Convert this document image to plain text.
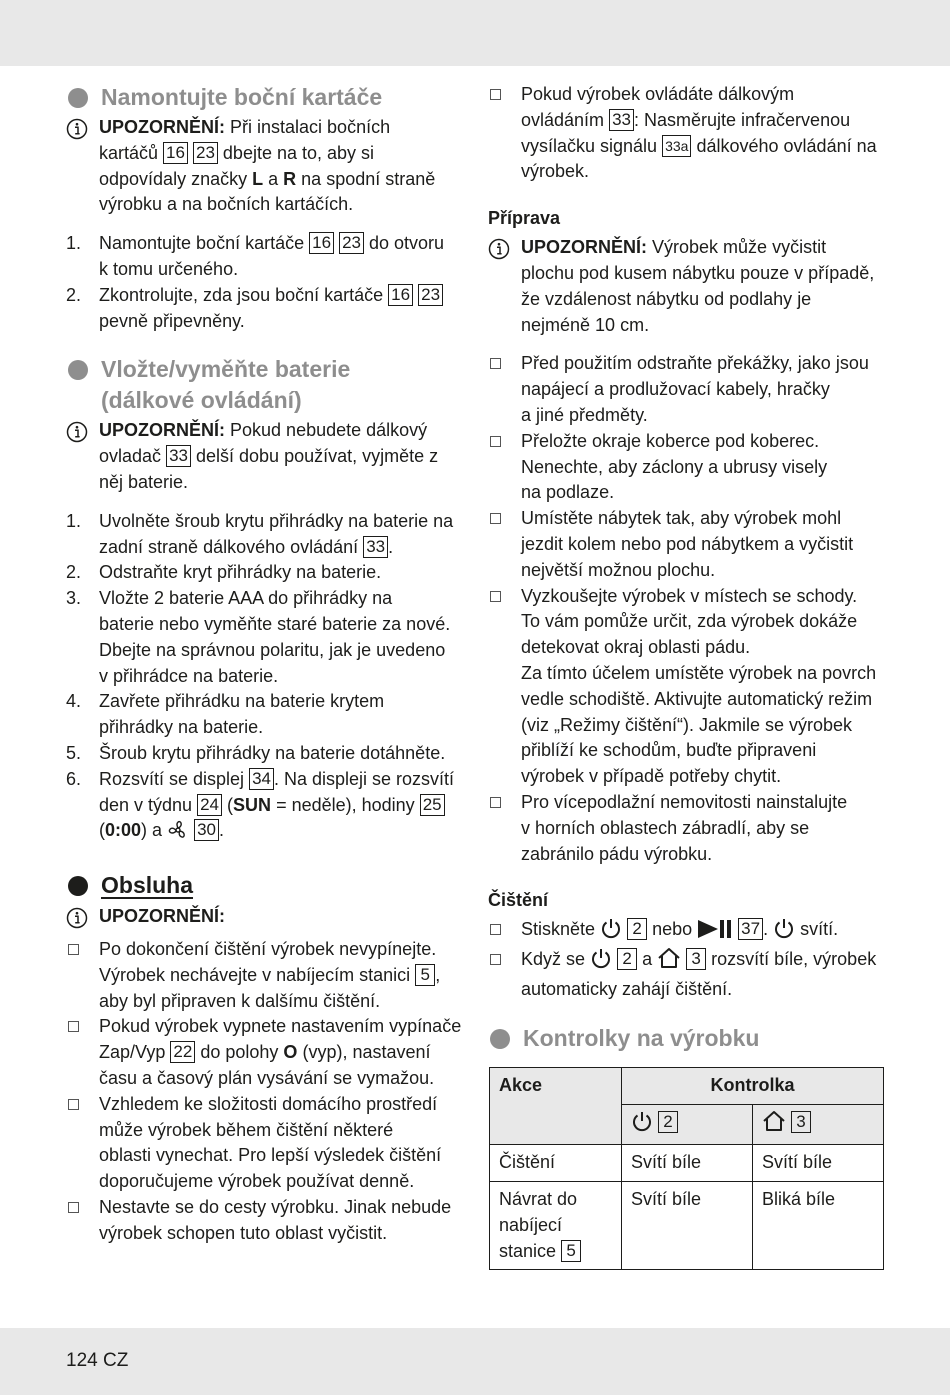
Namontujte boční kartáče
UPOZORNĚNÍ: Při instalaci bočních
kartáčů 16 23 dbejte na to, aby si
odpovídaly značky L a R na spodní straně
výrobku a na bočních kartáčích.
1. Namontujte boční kartáče 16 23 do otvoru
k tomu určeného.
2. Zkontrolujte, zda jsou boční kartáče 16 23
pevně připevněny.
Vložte/vyměňte baterie
(dálkové ovládání)
UPOZORNĚNÍ: Pokud nebudete dálkový
ovladač 33 delší dobu používat, vyjměte z
něj baterie.
1. Uvolněte šroub krytu přihrádky na baterie na
zadní straně dálkového ovládání 33 .
2. Odstraňte kryt přihrádky na baterie.
3. Vložte 2 baterie AAA do přihrádky na
baterie nebo vyměňte staré baterie za nové.
Dbejte na správnou polaritu, jak je uvedeno
v přihrádce na baterie.
4. Zavřete přihrádku na baterie krytem
přihrádky na baterie.
5. Šroub krytu přihrádky na baterie dotáhněte.
6. Rozsvítí se displej 34 . Na displeji se rozsvítí
den v týdnu 24 (SUN = neděle), hodiny 25
(0:00) a 30 .
Obsluha
UPOZORNĚNÍ:
Po dokončení čištění výrobek nevypínejte.
Výrobek nechávejte v nabíjecím stanici 5 ,
aby byl připraven k dalšímu čištění.
Pokud výrobek vypnete nastavením vypínače
Zap/Vyp 22 do polohy O (vyp), nastavení
času a časový plán vysávání se vymažou.
Vzhledem ke složitosti domácího prostředí
může výrobek během čištění některé
oblasti vynechat. Pro lepší výsledek čištění
doporučujeme výrobek používat denně.
Nestavte se do cesty výrobku. Jinak nebude
výrobek schopen tuto oblast vyčistit.
Pokud výrobek ovládáte dálkovým
ovládáním 33 : Nasměrujte infračervenou
vysílačku signálu 33a dálkového ovládání na
výrobek.
Příprava
UPOZORNĚNÍ: Výrobek může vyčistit
plochu pod kusem nábytku pouze v případě,
že vzdálenost nábytku od podlahy je
nejméně 10 cm.
Před použitím odstraňte překážky, jako jsou
napájecí a prodlužovací kabely, hračky
a jiné předměty.
Přeložte okraje koberce pod koberec.
Nenechte, aby záclony a ubrusy visely
na podlaze.
Umístěte nábytek tak, aby výrobek mohl
jezdit kolem nebo pod nábytkem a vyčistit
největší možnou plochu.
Vyzkoušejte výrobek v místech se schody.
To vám pomůže určit, zda výrobek dokáže
detekovat okraj oblasti pádu.
Za tímto účelem umístěte výrobek na povrch
vedle schodiště. Aktivujte automatický režim
(viz „Režimy čištění“). Jakmile se výrobek
přiblíží ke schodům, buďte připraveni
výrobek v případě potřeby chytit.
Pro vícepodlažní nemovitosti nainstalujte
v horních oblastech zábradlí, aby se
zabránilo pádu výrobku.
Čištění
Stiskněte 2 nebo	37 . svítí.
Když se 2 a 3 rozsvítí bíle, výrobek
automaticky zahájí čištění.
Kontrolky na výrobku
Akce	Kontrolka	
	2	3
Čištění	Svítí bíle	Svítí bíle

Návrat do
nabíjecí
stanice 5	Svítí bíle	Bliká bíle
124 CZ
